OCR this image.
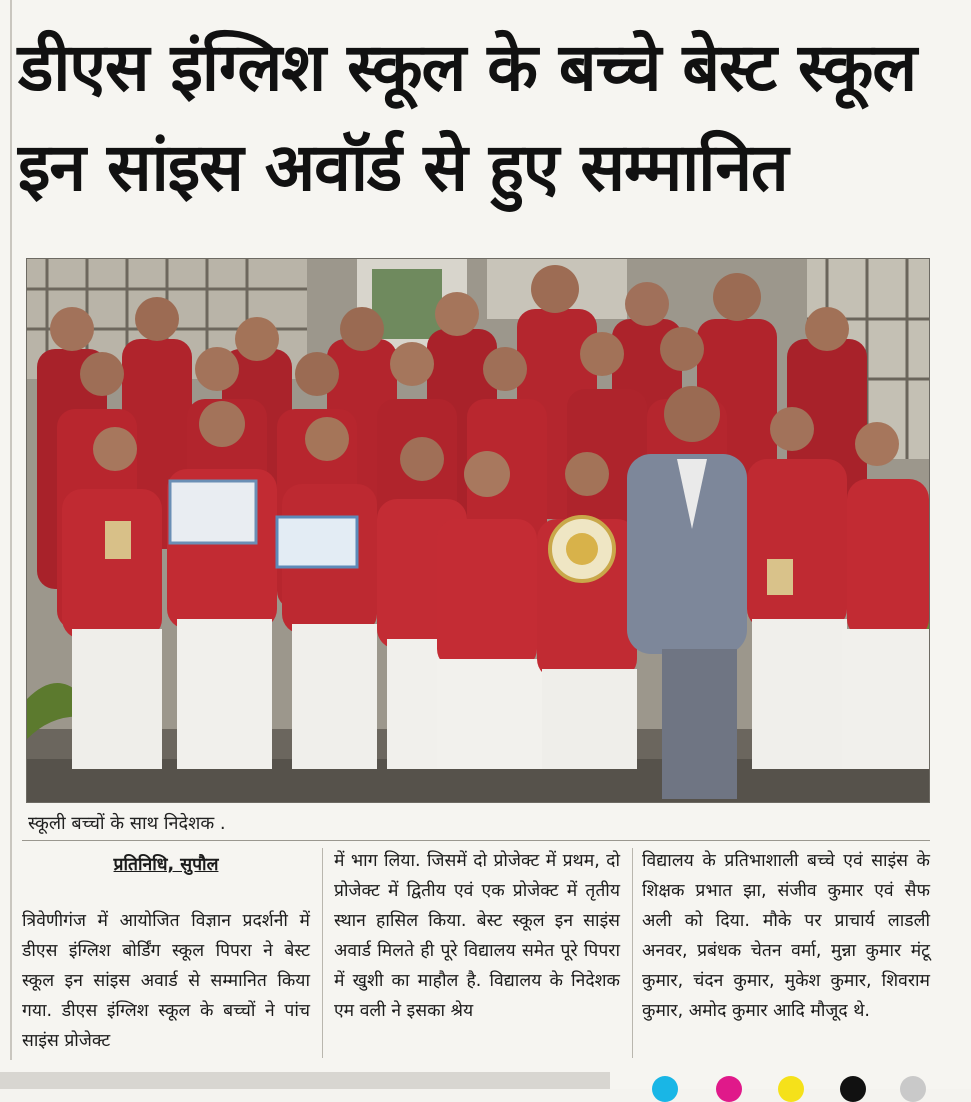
डीएस इंग्लिश स्कूल के बच्चे बेस्ट स्कूल
इन सांइस अवॉर्ड से हुए सम्मानित
स्कूली बच्चों के साथ निदेशक .
प्रतिनिधि, सुपौल

त्रिवेणीगंज में आयोजित विज्ञान प्रदर्शनी में डीएस इंग्लिश बोर्डिंग स्कूल पिपरा ने बेस्ट स्कूल इन सांइस अवार्ड से सम्मानित किया गया. डीएस इंग्लिश स्कूल के बच्चों ने पांच साइंस प्रोजेक्ट

में भाग लिया. जिसमें दो प्रोजेक्ट में प्रथम, दो प्रोजेक्ट में द्वितीय एवं एक प्रोजेक्ट में तृतीय स्थान हासिल किया. बेस्ट स्कूल इन साइंस अवार्ड मिलते ही पूरे विद्यालय समेत पूरे पिपरा में खुशी का माहौल है. विद्यालय के निदेशक एम वली ने इसका श्रेय

विद्यालय के प्रतिभाशाली बच्चे एवं साइंस के शिक्षक प्रभात झा, संजीव कुमार एवं सैफ अली को दिया. मौके पर प्राचार्य लाडली अनवर, प्रबंधक चेतन वर्मा, मुन्ना कुमार मंटू कुमार, चंदन कुमार, मुकेश कुमार, शिवराम कुमार, अमोद कुमार आदि मौजूद थे.
